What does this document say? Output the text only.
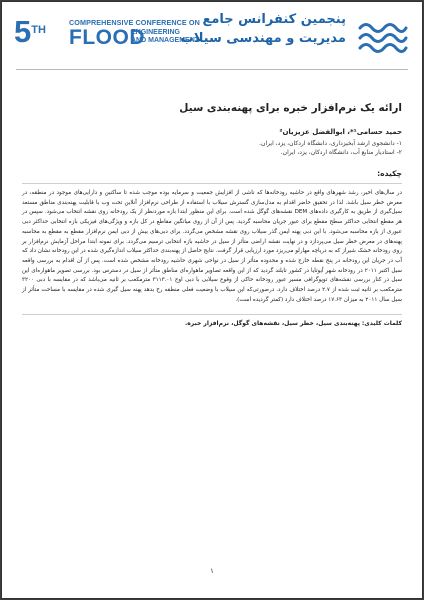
5TH
COMPREHENSIVE CONFERENCE ON
FLOOD
ENGINEERING
AND MANAGEMENT
پنجمین کنفرانس جامع
مدیریت و مهندسی سیلاب
ارائه یک نرم‌افزار خبره برای پهنه‌بندی سیل
حمید حسامی¹*، ابوالفضل عزیزیان²
۱- دانشجوی ارشد آبخیزداری، دانشگاه اردکان، یزد، ایران.
۲- استادیار منابع آب، دانشگاه اردکان، یزد، ایران.
چکیده:
در سال‌های اخیر، رشد شهرهای واقع در حاشیه رودخانه‌ها که ناشی از افزایش جمعیت و سرمایه بوده موجب شده تا ساکنین و دارایی‌های موجود در منطقه، در معرض خطر سیل باشد. لذا در تحقیق حاضر اقدام به مدل‌سازی گسترش سیلاب با استفاده از طراحی نرم‌افزار آنلاین تحت وب با قابلیت پهنه‌بندی مناطق مستعد سیل‌گیری از طریق به کارگیری داده‌های DEM نقشه‌های گوگل شده است. برای این منظور ابتدا بازه موردنظر از یک رودخانه روی نقشه انتخاب می‌شود. سپس در هر مقطع انتخابی حداکثر سطح مقطع برای عبور جریان محاسبه گردید. پس از آن از روی میانگین مقاطع در کل بازه و ویژگی‌های فیزیکی بازه انتخابی حداکثر دبی عبوری از بازه محاسبه می‌شود. با این دبی پهنه ایمن گذر سیلاب روی نقشه مشخص می‌گردد. برای دبی‌های بیش از دبی ایمن نرم‌افزار مقطع به مقطع به محاسبه پهنه‌های در معرض خطر سیل می‌پردازد و در نهایت نقشه اراضی متأثر از سیل در حاشیه بازه انتخابی ترسیم می‌گردد. برای نمونه ابتدا مراحل آزمایش نرم‌افزار بر روی رودخانه خشک شیراز که به دریاچه مهارلو می‌ریزد مورد ارزیابی قرار گرفت. نتایج حاصل از پهنه‌بندی حداکثر سیلاب اندازه‌گیری شده در این رودخانه نشان داد که آب در جریان این رودخانه در پنج نقطه خارج شده و محدوده متأثر از سیل در نواحی شهری حاشیه رودخانه مشخص شده است. پس از آن اقدام به بررسی واقعه سیل اکتبر ۲۰۱۱ در رودخانه شهر آیوتایا در کشور تایلند گردید که از این واقعه تصاویر ماهواره‌ای مناطق متأثر از سیل در دسترس بود. بررسی تصویر ماهواره‌ای این سیل در کنار بررسی نقشه‌های توپوگرافی مسیر عبور رودخانه حاکی از وقوع سیلابی با دبی اوج ۳۱۱۳.۰۱ مترمکعب بر ثانیه می‌باشد که در مقایسه با دبی ۳۲۰۰ مترمکعب بر ثانیه ثبت شده از ۲.۷ درصد اختلاف دارد. درصورتی‌که این سیلاب با وضعیت فعلی منطقه رخ بدهد پهنه سیل گیری شده در مقایسه با مساحت متأثر از سیل سال ۲۰۱۱ به میزان ۱۷.۶۳ درصد اختلاف دارد (کمتر گردیده است).
کلمات کلیدی: پهنه‌بندی سیل، خطر سیل، نقشه‌های گوگل، نرم‌افزار خبره.
۱
